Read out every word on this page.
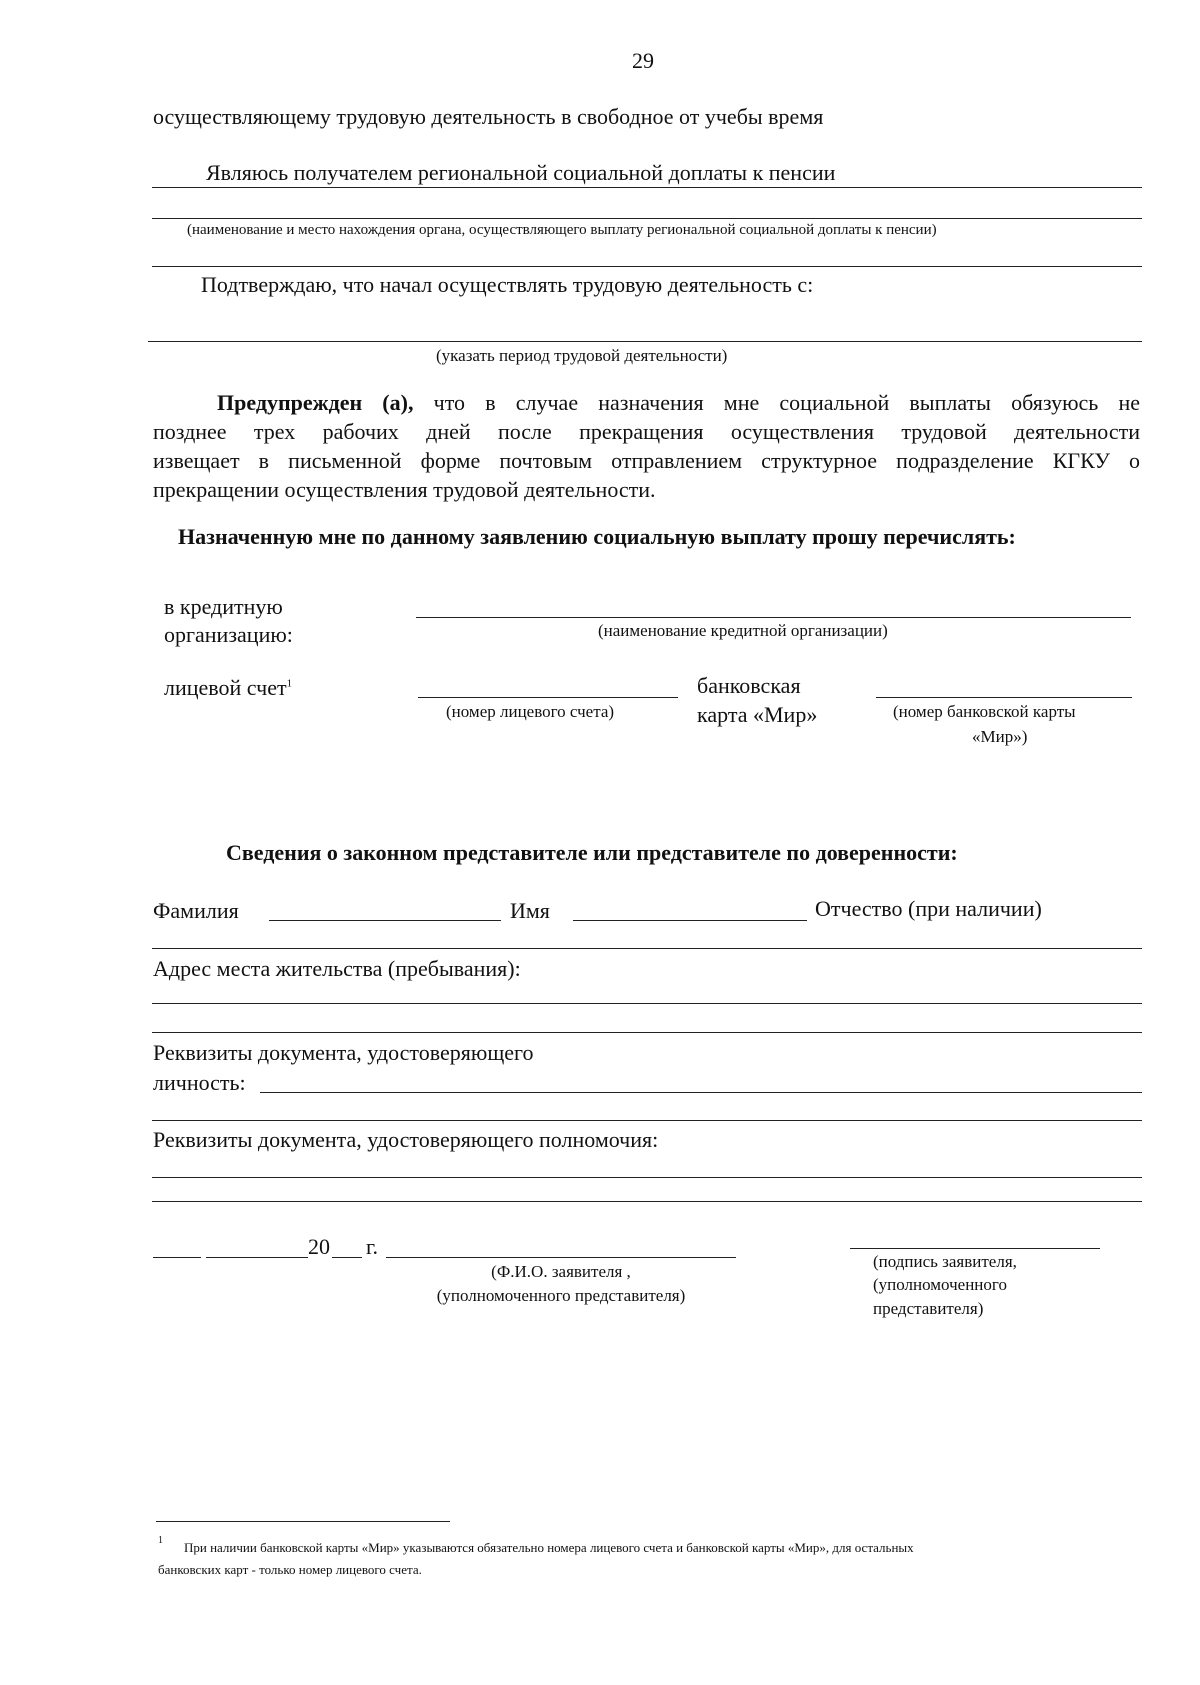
29
осуществляющему трудовую деятельность в свободное от учебы время
Являюсь получателем региональной социальной доплаты к пенсии
(наименование и место нахождения органа, осуществляющего выплату региональной социальной доплаты к пенсии)
Подтверждаю, что начал осуществлять трудовую деятельность с:
(указать период трудовой деятельности)
Предупрежден (а), что в случае назначения мне социальной выплаты обязуюсь не
позднее трех рабочих дней после прекращения осуществления трудовой деятельности
извещает в письменной форме почтовым отправлением структурное подразделение КГКУ о
прекращении осуществления трудовой деятельности.
Назначенную мне по данному заявлению социальную выплату прошу перечислять:
в кредитную
организацию:	(наименование кредитной организации)
лицевой счет$^1$
(номер лицевого счета)
банковская
карта «Мир»	(номер банковской карты
«Мир»)
Сведения о законном представителе или представителе по доверенности:
Фамилия	Имя	Отчество (при наличии)
Адрес места жительства (пребывания):
Реквизиты документа, удостоверяющего
личность:
Реквизиты документа, удостоверяющего полномочия:
20 г.
(Ф.И.О. заявителя ,
(уполномоченного представителя)
(подпись заявителя,
(уполномоченного
представителя)
1 При наличии банковской карты «Мир» указываются обязательно номера лицевого счета и банковской карты «Мир», для остальных
банковских карт - только номер лицевого счета.
